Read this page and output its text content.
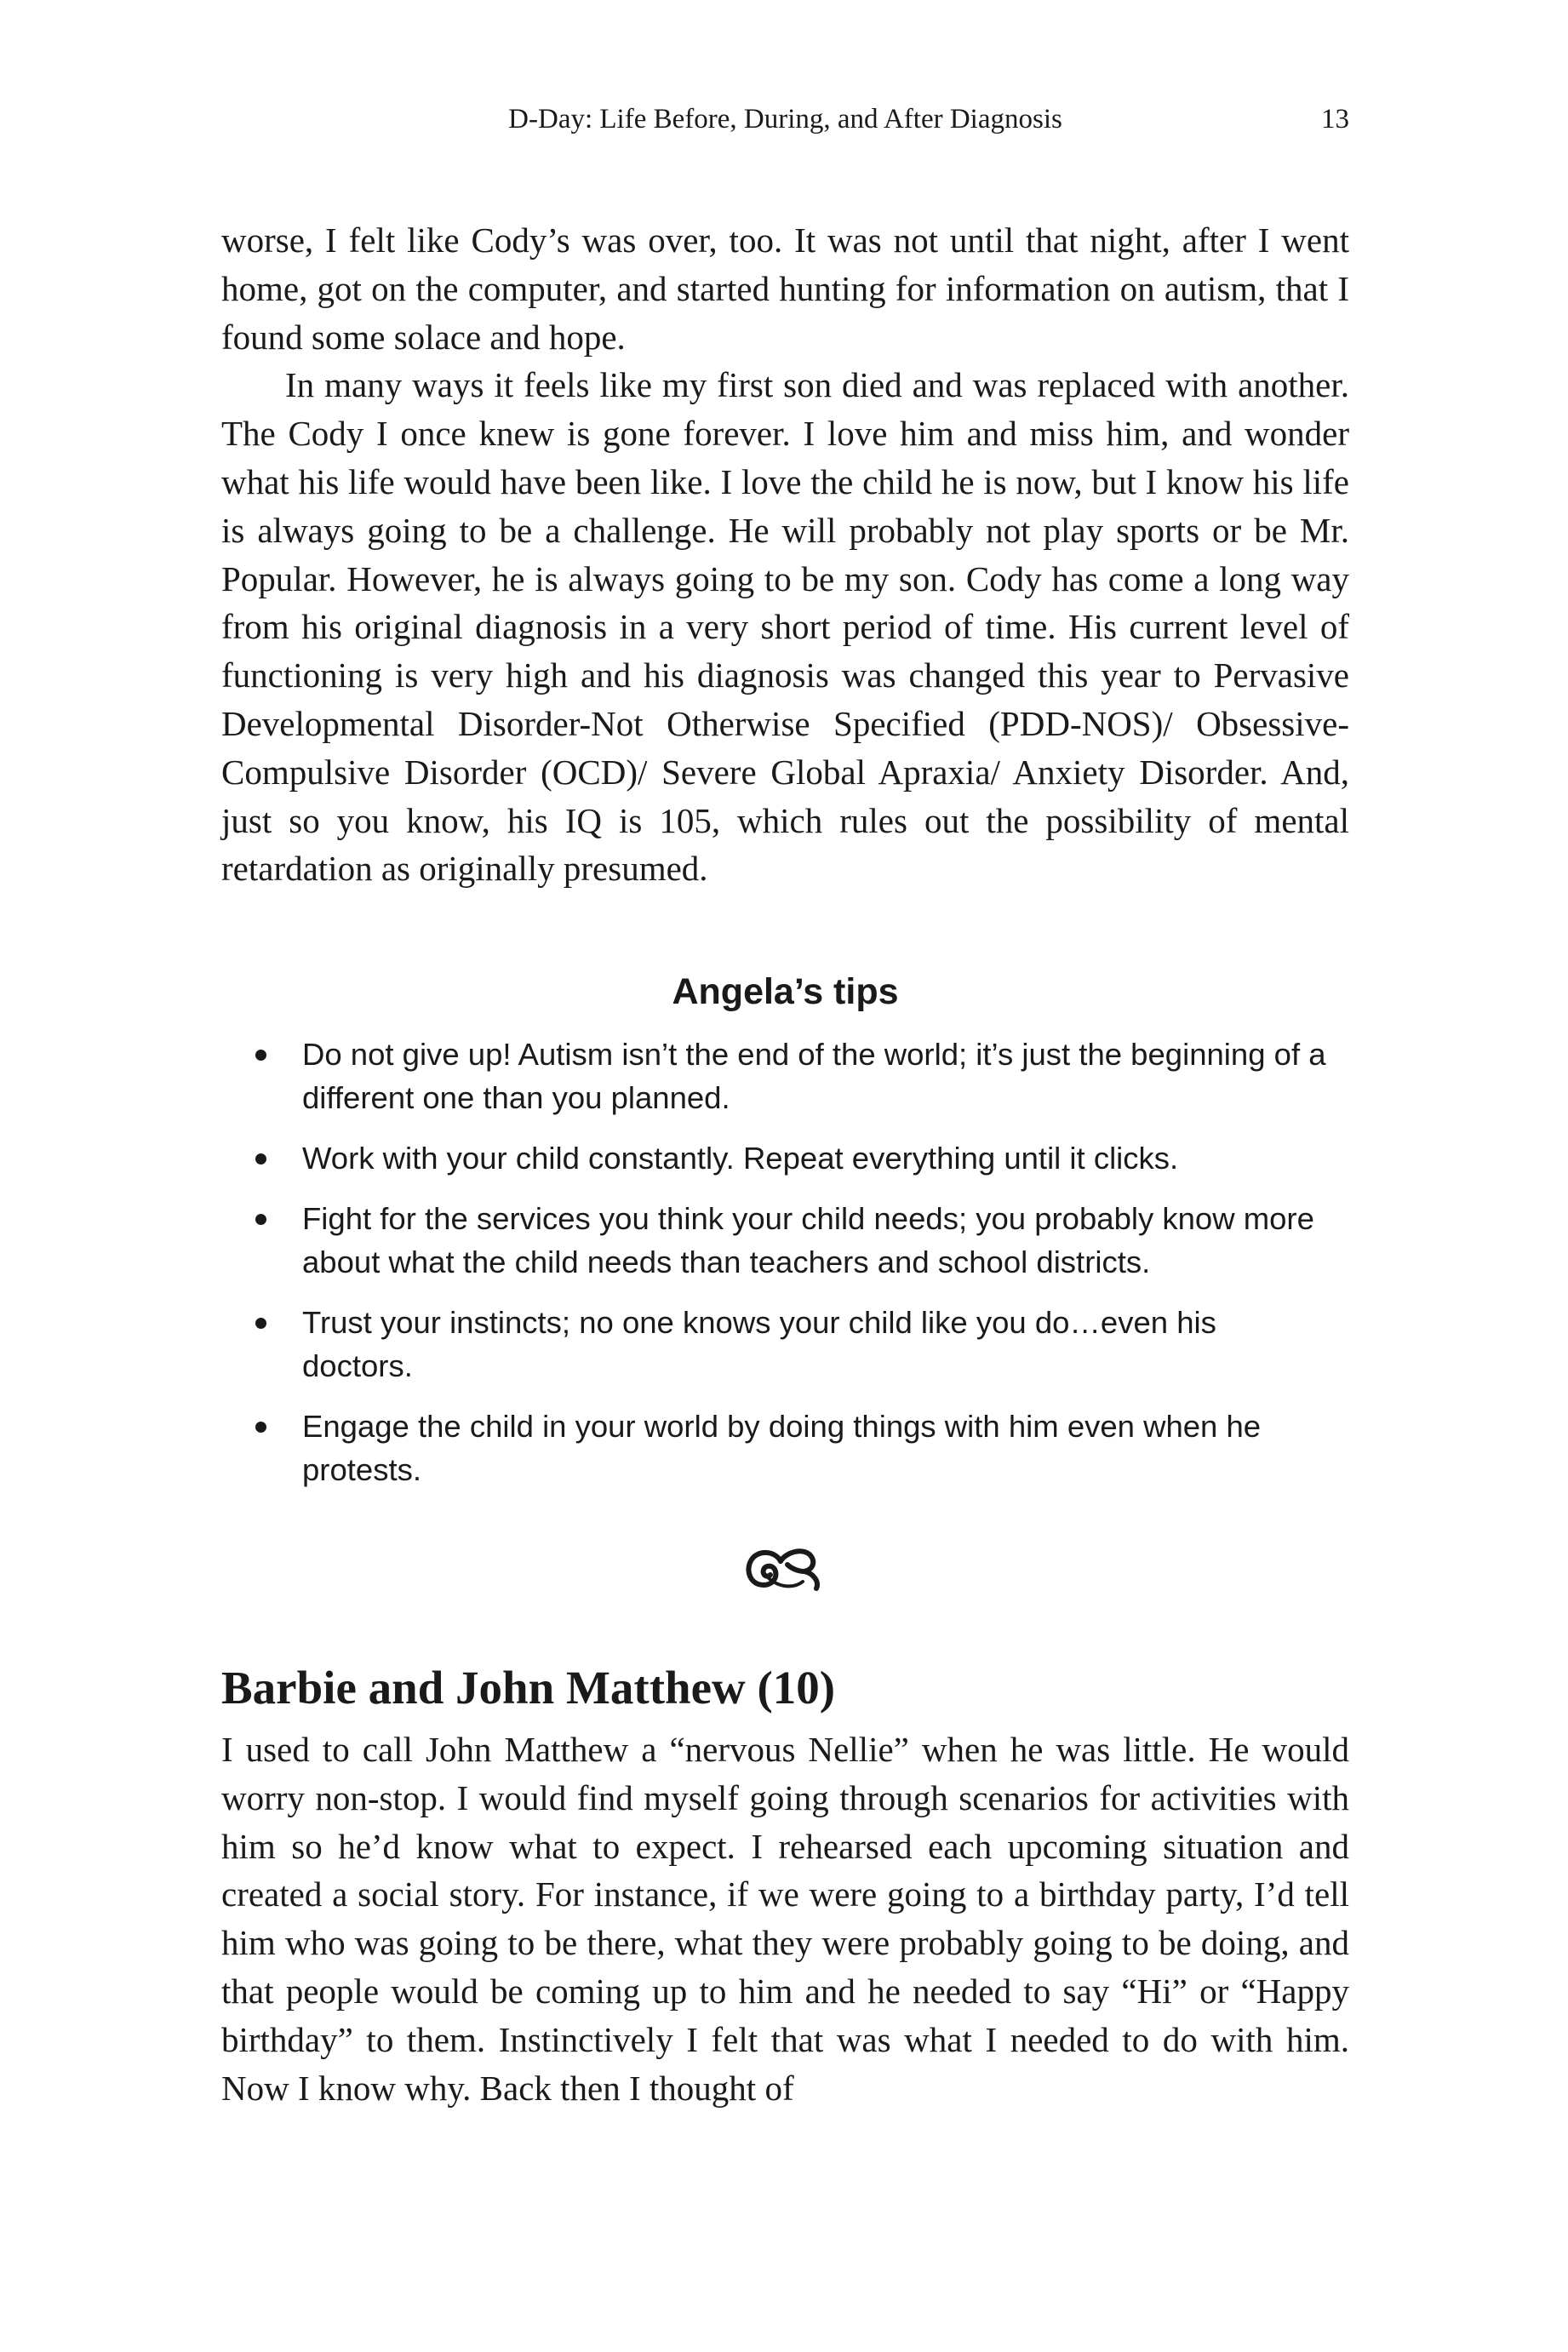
D-Day: Life Before, During, and After Diagnosis	13

worse, I felt like Cody’s was over, too. It was not until that night, after I went home, got on the computer, and started hunting for information on autism, that I found some solace and hope.

In many ways it feels like my first son died and was replaced with another. The Cody I once knew is gone forever. I love him and miss him, and wonder what his life would have been like. I love the child he is now, but I know his life is always going to be a challenge. He will probably not play sports or be Mr. Popular. However, he is always going to be my son. Cody has come a long way from his original diagnosis in a very short period of time. His current level of functioning is very high and his diagnosis was changed this year to Pervasive Developmental Disorder-Not Otherwise Specified (PDD-NOS)/ Obsessive-Compulsive Disorder (OCD)/ Severe Global Apraxia/ Anxiety Disorder. And, just so you know, his IQ is 105, which rules out the possibility of mental retardation as originally presumed.

Angela’s tips
Do not give up! Autism isn’t the end of the world; it’s just the beginning of a different one than you planned.
Work with your child constantly. Repeat everything until it clicks.
Fight for the services you think your child needs; you probably know more about what the child needs than teachers and school districts.
Trust your instincts; no one knows your child like you do…even his doctors.
Engage the child in your world by doing things with him even when he protests.
Barbie and John Matthew (10)

I used to call John Matthew a “nervous Nellie” when he was little. He would worry non-stop. I would find myself going through scenarios for activities with him so he’d know what to expect. I rehearsed each upcoming situation and created a social story. For instance, if we were going to a birthday party, I’d tell him who was going to be there, what they were probably going to be doing, and that people would be coming up to him and he needed to say “Hi” or “Happy birthday” to them. Instinctively I felt that was what I needed to do with him. Now I know why. Back then I thought of
